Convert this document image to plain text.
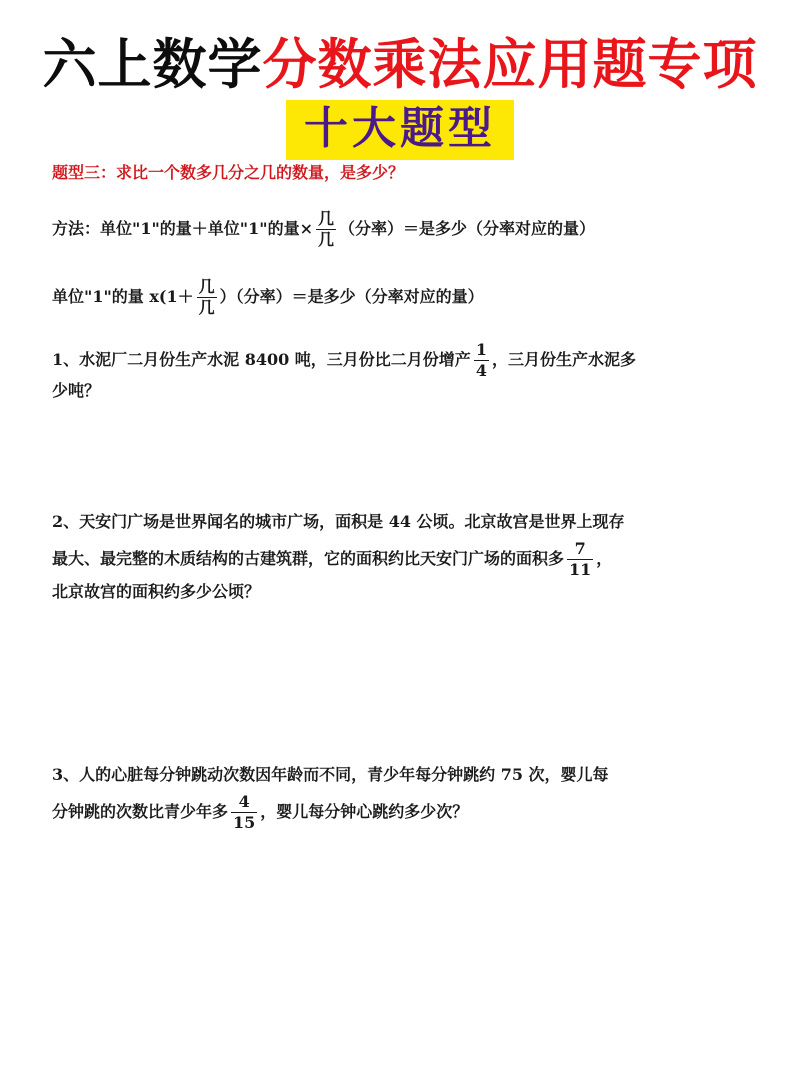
六上数学分数乘法应用题专项
十大题型
题型三：求比一个数多几分之几的数量，是多少？
方法：单位"1"的量＋单位"1"的量× $\frac{\text{几}}{\text{几}}$ （分率）＝是多少（分率对应的量）
单位"1"的量 $x(1+ \frac{\text{几}}{\text{几}}$ ）（分率）＝是多少（分率对应的量）
1、水泥厂二月份生产水泥 8400 吨，三月份比二月份增产 $\frac{1}{4}$ ，三月份生产水泥多
少吨？
2、天安门广场是世界闻名的城市广场，面积是 44 公顷。北京故宫是世界上现存
最大、最完整的木质结构的古建筑群，它的面积约比天安门广场的面积多 $\frac{7}{11}$ ，
北京故宫的面积约多少公顷？
3、人的心脏每分钟跳动次数因年龄而不同，青少年每分钟跳约 75 次，婴儿每
分钟跳的次数比青少年多 $\frac{4}{15}$ ，婴儿每分钟心跳约多少次？
